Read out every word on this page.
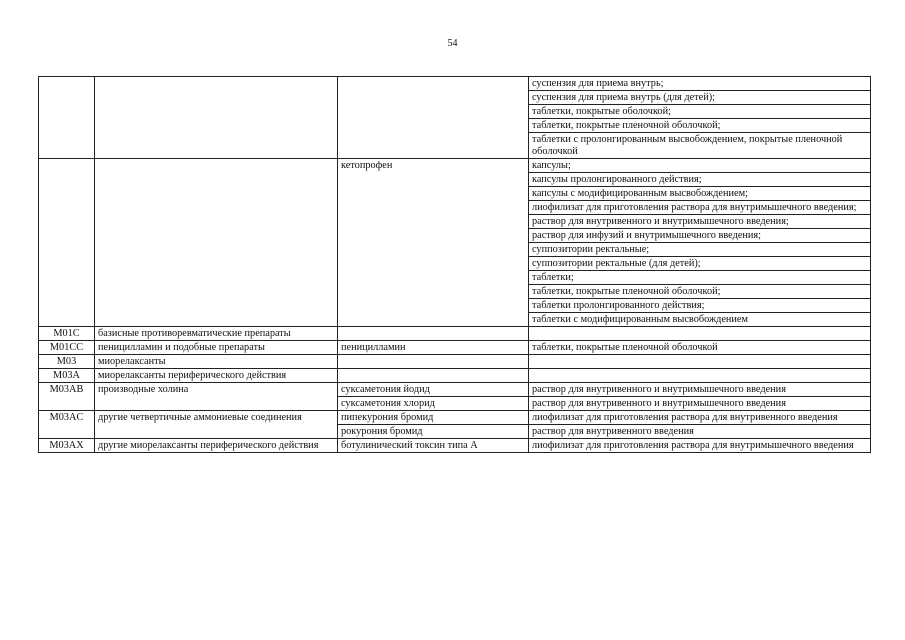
54
			суспензия для приема внутрь;
			суспензия для приема внутрь (для детей);
			таблетки, покрытые оболочкой;
			таблетки, покрытые пленочной оболочкой;
			таблетки с пролонгированным высвобождением, покрытые пленочной оболочкой
		кетопрофен	капсулы;
			капсулы пролонгированного действия;
			капсулы с модифицированным высвобождением;
			лиофилизат для приготовления раствора для внутримышечного введения;
			раствор для внутривенного и внутримышечного введения;
			раствор для инфузий и внутримышечного введения;
			суппозитории ректальные;
			суппозитории ректальные (для детей);
			таблетки;
			таблетки, покрытые пленочной оболочкой;
			таблетки пролонгированного действия;
			таблетки с модифицированным высвобождением
M01C	базисные противоревматические препараты		
M01CC	пеницилламин и подобные препараты	пеницилламин	таблетки, покрытые пленочной оболочкой
M03	миорелаксанты		
M03A	миорелаксанты периферического действия		
M03AB	производные холина	суксаметония йодид	раствор для внутривенного и внутримышечного введения
		суксаметония хлорид	раствор для внутривенного и внутримышечного введения
M03AC	другие четвертичные аммониевые соединения	пипекурония бромид	лиофилизат для приготовления раствора для внутривенного введения
		рокурония бромид	раствор для внутривенного введения
M03AX	другие миорелаксанты периферического действия	ботулинический токсин типа А	лиофилизат для приготовления раствора для внутримышечного введения
